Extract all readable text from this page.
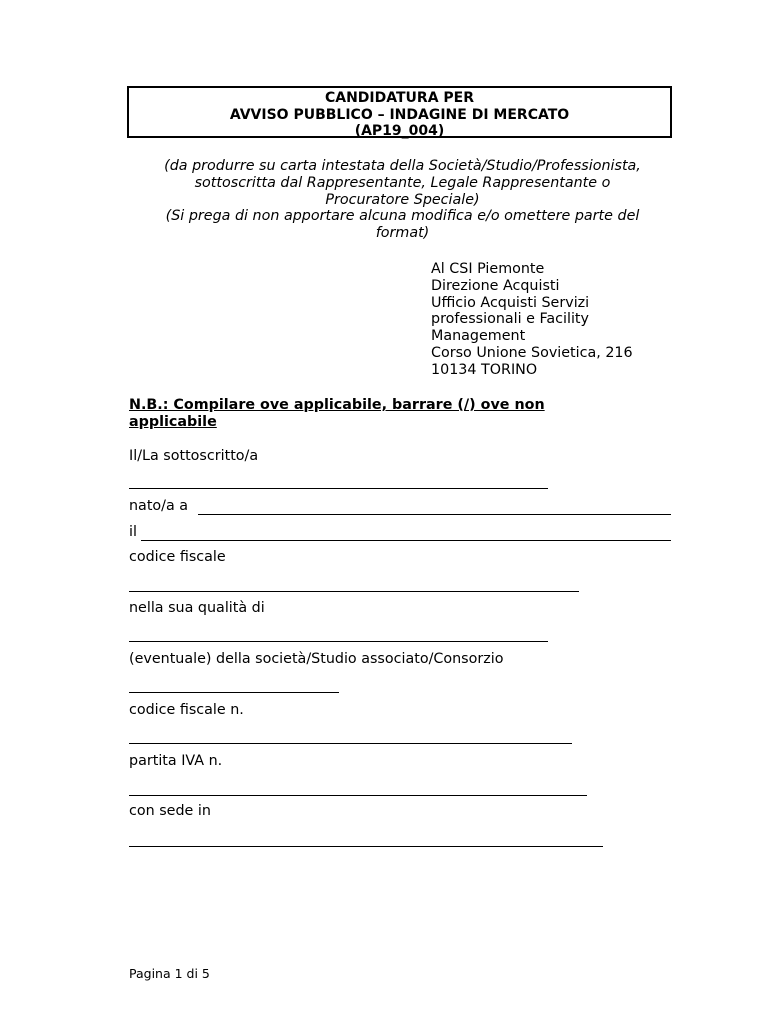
CANDIDATURA PER
AVVISO PUBBLICO – INDAGINE DI MERCATO
(AP19_004)
(da produrre su carta intestata della Società/Studio/Professionista,
sottoscritta dal Rappresentante, Legale Rappresentante o
Procuratore Speciale)
(Si prega di non apportare alcuna modifica e/o omettere parte del
format)
Al CSI Piemonte
Direzione Acquisti
Ufficio Acquisti Servizi
professionali e Facility
Management
Corso Unione Sovietica, 216
10134 TORINO
N.B.: Compilare ove applicabile, barrare (/) ove non
applicabile
Il/La sottoscritto/a
nato/a a
il
codice fiscale
nella sua qualità di
(eventuale) della società/Studio associato/Consorzio
codice fiscale n.
partita IVA n.
con sede in
Pagina 1 di 5
